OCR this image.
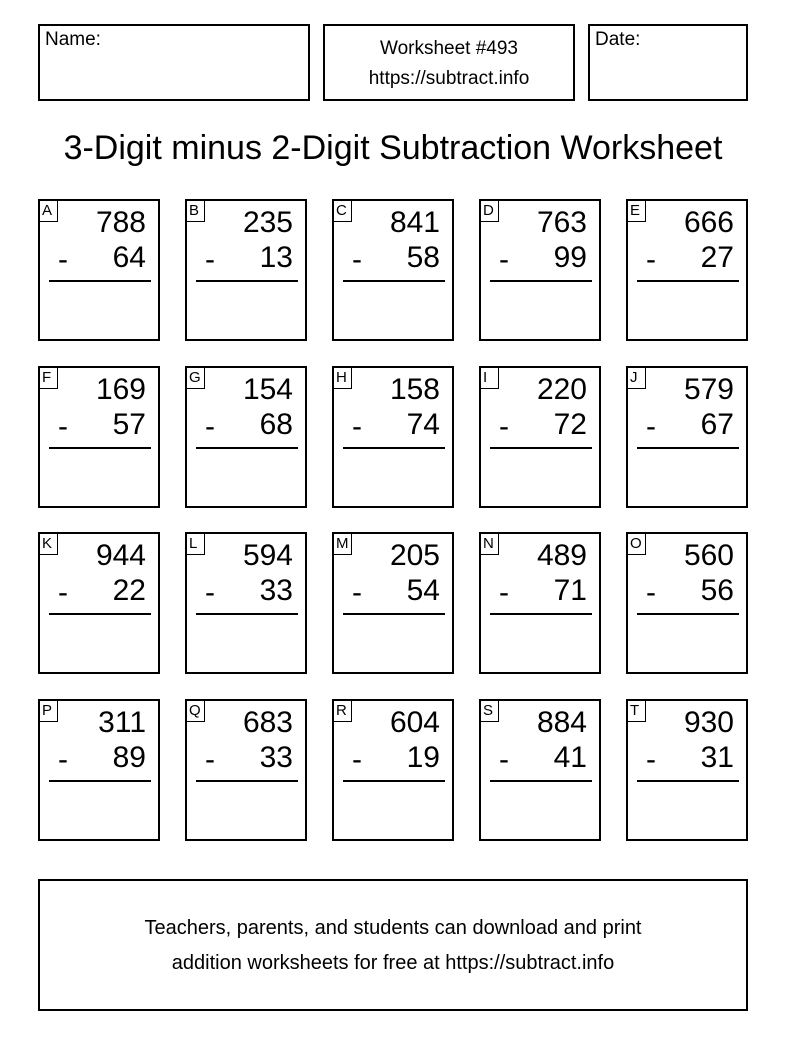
Name:	Worksheet #493
https://subtract.info
Date:
3-Digit minus 2-Digit Subtraction Worksheet
A 788
- 64
B 235
- 13
C 841
- 58
D 763
- 99
E 666
- 27
F 169
- 57
G 154
- 68
H 158
- 74
I	220
- 72
J 579
- 67
K 944
- 22
L 594
- 33
M 205
- 54
N 489
- 71
O 560
- 56
P 311
- 89
Q 683
- 33
R 604
- 19
S 884
- 41
T 930
- 31
Teachers, parents, and students can download and print
addition worksheets for free at https://subtract.info
